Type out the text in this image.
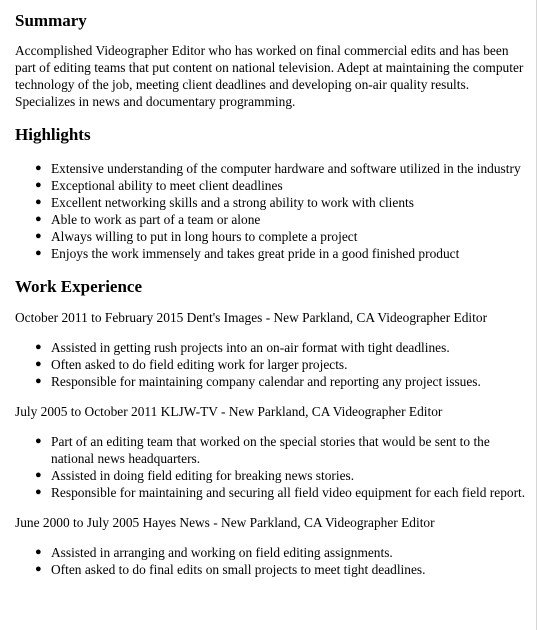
Summary

Accomplished Videographer Editor who has worked on final commercial edits and has been part of editing teams that put content on national television. Adept at maintaining the computer technology of the job, meeting client deadlines and developing on-air quality results. Specializes in news and documentary programming.

Highlights
● Extensive understanding of the computer hardware and software utilized in the industry
● Exceptional ability to meet client deadlines
● Excellent networking skills and a strong ability to work with clients
● Able to work as part of a team or alone
● Always willing to put in long hours to complete a project
● Enjoys the work immensely and takes great pride in a good finished product
Work Experience

October 2011 to February 2015 Dent's Images - New Parkland, CA Videographer Editor

● Assisted in getting rush projects into an on-air format with tight deadlines.
● Often asked to do field editing work for larger projects.
● Responsible for maintaining company calendar and reporting any project issues.

July 2005 to October 2011 KLJW-TV - New Parkland, CA Videographer Editor

● Part of an editing team that worked on the special stories that would be sent to the national news headquarters.
● Assisted in doing field editing for breaking news stories.
● Responsible for maintaining and securing all field video equipment for each field report.

June 2000 to July 2005 Hayes News - New Parkland, CA Videographer Editor

● Assisted in arranging and working on field editing assignments.
● Often asked to do final edits on small projects to meet tight deadlines.
